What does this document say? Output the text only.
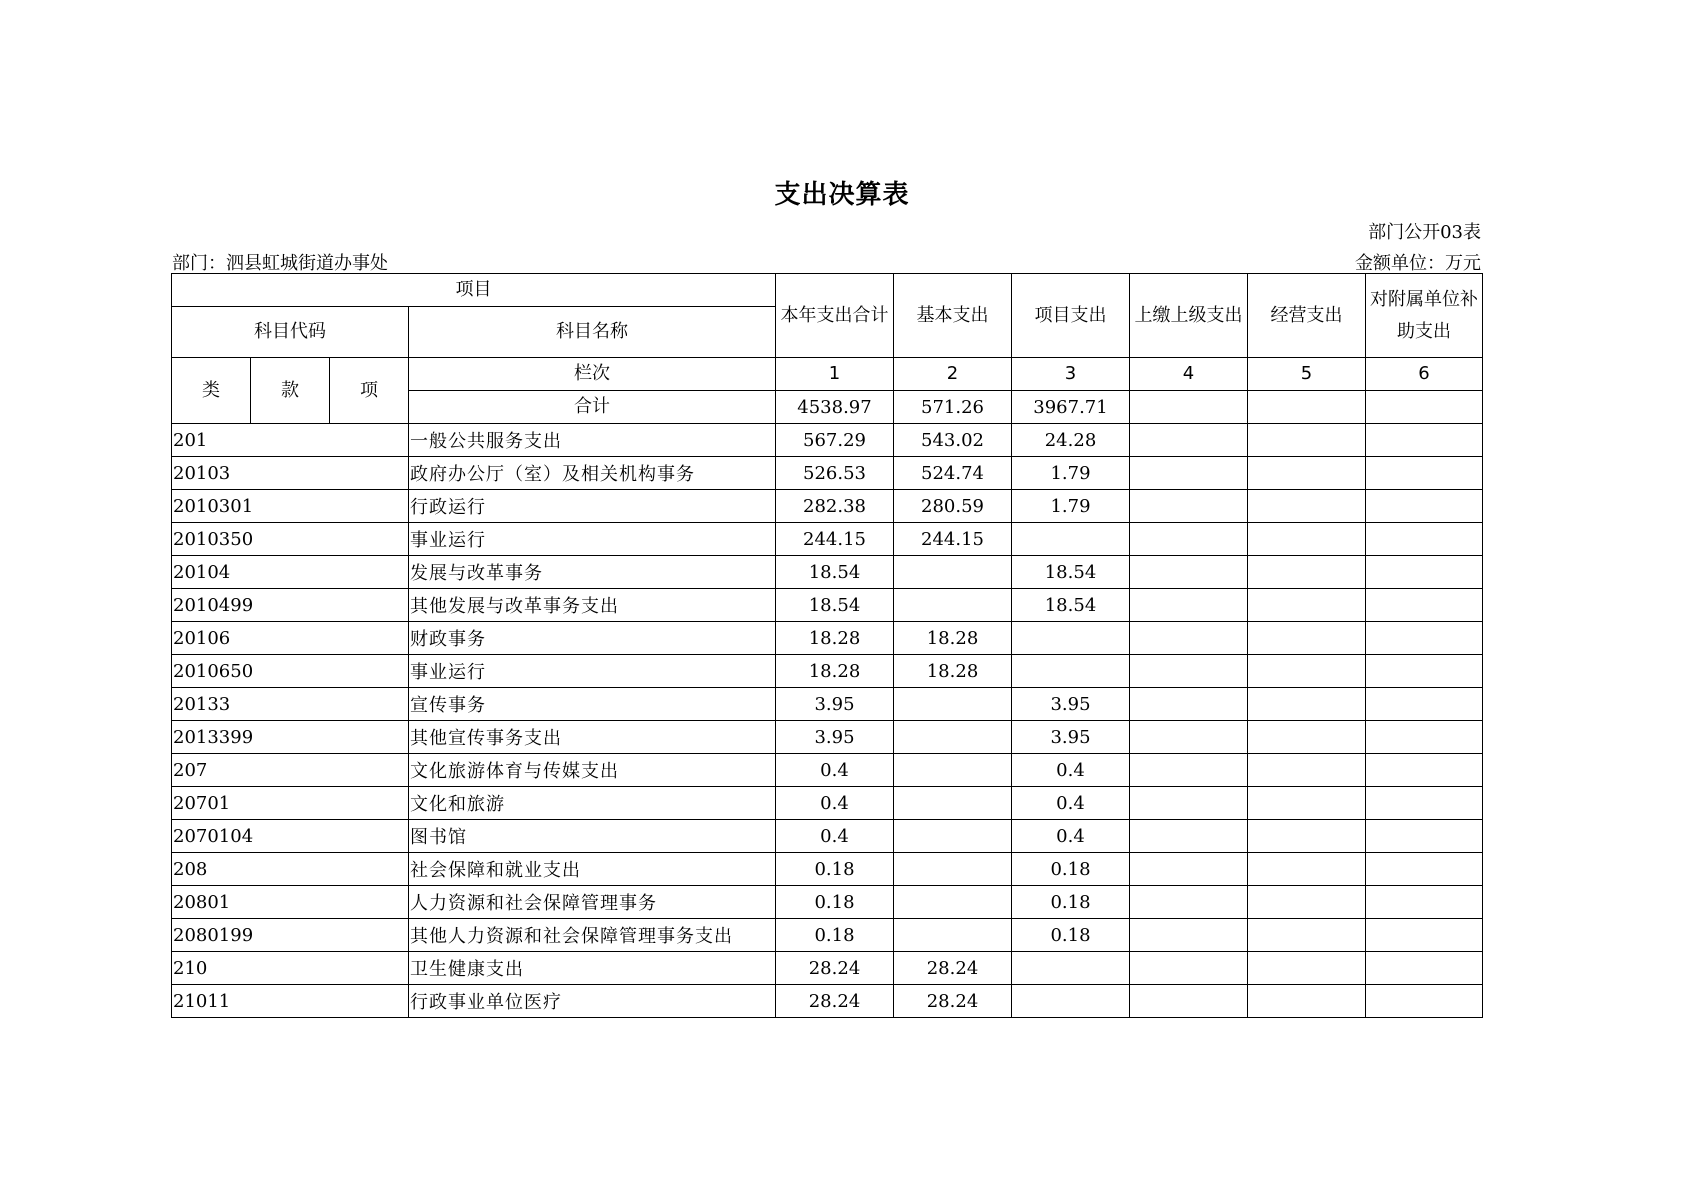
支出决算表
部门公开03表
部门：泗县虹城街道办事处	金额单位：万元
项目				本年支出合计	基本支出	项目支出	上缴上级支出	经营支出	对附属单位补助支出
科目代码			科目名称						
类	款	项	栏次	1	2	3	4	5	6
			合计	4538.97	571.26	3967.71			
201			一般公共服务支出	567.29	543.02	24.28			
20103			政府办公厅（室）及相关机构事务	526.53	524.74	1.79			
2010301			行政运行	282.38	280.59	1.79			
2010350			事业运行	244.15	244.15				
20104			发展与改革事务	18.54		18.54			
2010499			其他发展与改革事务支出	18.54		18.54			
20106			财政事务	18.28	18.28				
2010650			事业运行	18.28	18.28				
20133			宣传事务	3.95		3.95			
2013399			其他宣传事务支出	3.95		3.95			
207			文化旅游体育与传媒支出	0.4		0.4			
20701			文化和旅游	0.4		0.4			
2070104			图书馆	0.4		0.4			
208			社会保障和就业支出	0.18		0.18			
20801			人力资源和社会保障管理事务	0.18		0.18			
2080199			其他人力资源和社会保障管理事务支出	0.18		0.18			
210			卫生健康支出	28.24	28.24				
21011			行政事业单位医疗	28.24	28.24				
